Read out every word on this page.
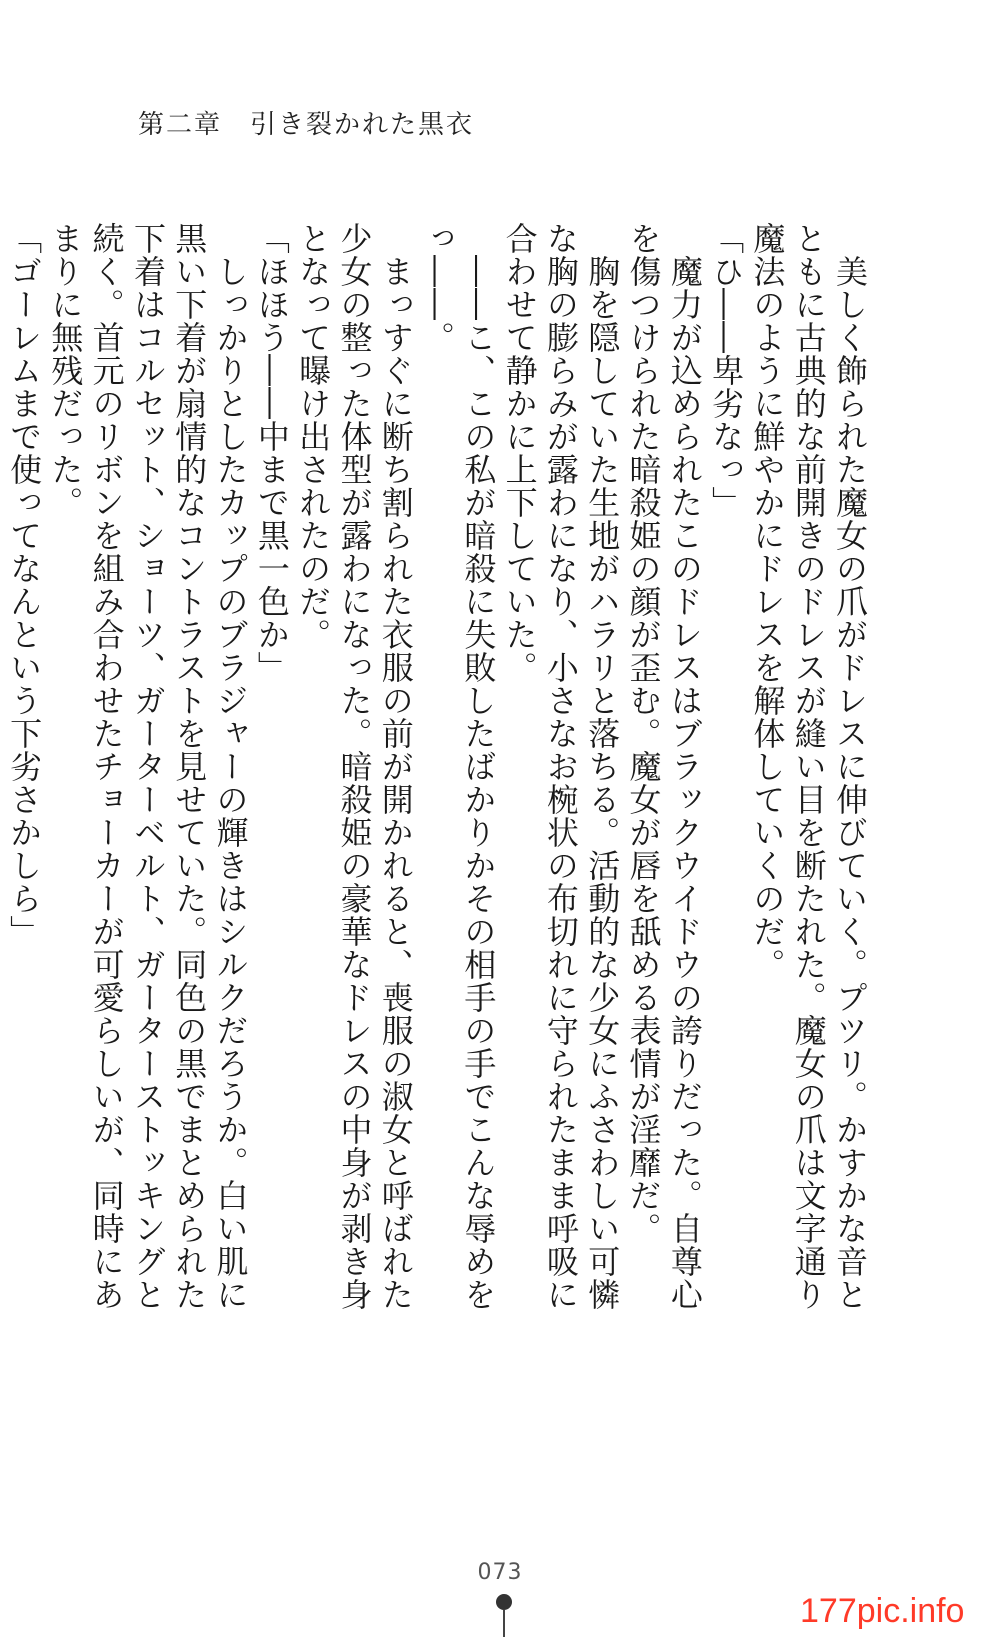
第二章　引き裂かれた黒衣

　美しく飾られた魔女の爪がドレスに伸びていく。プツリ。かすかな音とともに古典的な前開きのドレスが縫い目を断たれた。魔女の爪は文字通り魔法のように鮮やかにドレスを解体していくのだ。

「ひ――卑劣なっ」

　魔力が込められたこのドレスはブラックウイドウの誇りだった。自尊心を傷つけられた暗殺姫の顔が歪む。魔女が唇を舐める表情が淫靡だ。

　胸を隠していた生地がハラリと落ちる。活動的な少女にふさわしい可憐な胸の膨らみが露わになり、小さなお椀状の布切れに守られたまま呼吸に合わせて静かに上下していた。

　――こ、この私が暗殺に失敗したばかりかその相手の手でこんな辱めをっ――。

　まっすぐに断ち割られた衣服の前が開かれると、喪服の淑女と呼ばれた少女の整った体型が露わになった。暗殺姫の豪華なドレスの中身が剥き身となって曝け出されたのだ。

「ほほう――中まで黒一色か」

　しっかりとしたカップのブラジャーの輝きはシルクだろうか。白い肌に黒い下着が扇情的なコントラストを見せていた。同色の黒でまとめられた下着はコルセット、ショーツ、ガーターベルト、ガーターストッキングと続く。首元のリボンを組み合わせたチョーカーが可愛らしいが、同時にあまりに無残だった。

「ゴーレムまで使ってなんという下劣さかしら」

073
177pic.info
